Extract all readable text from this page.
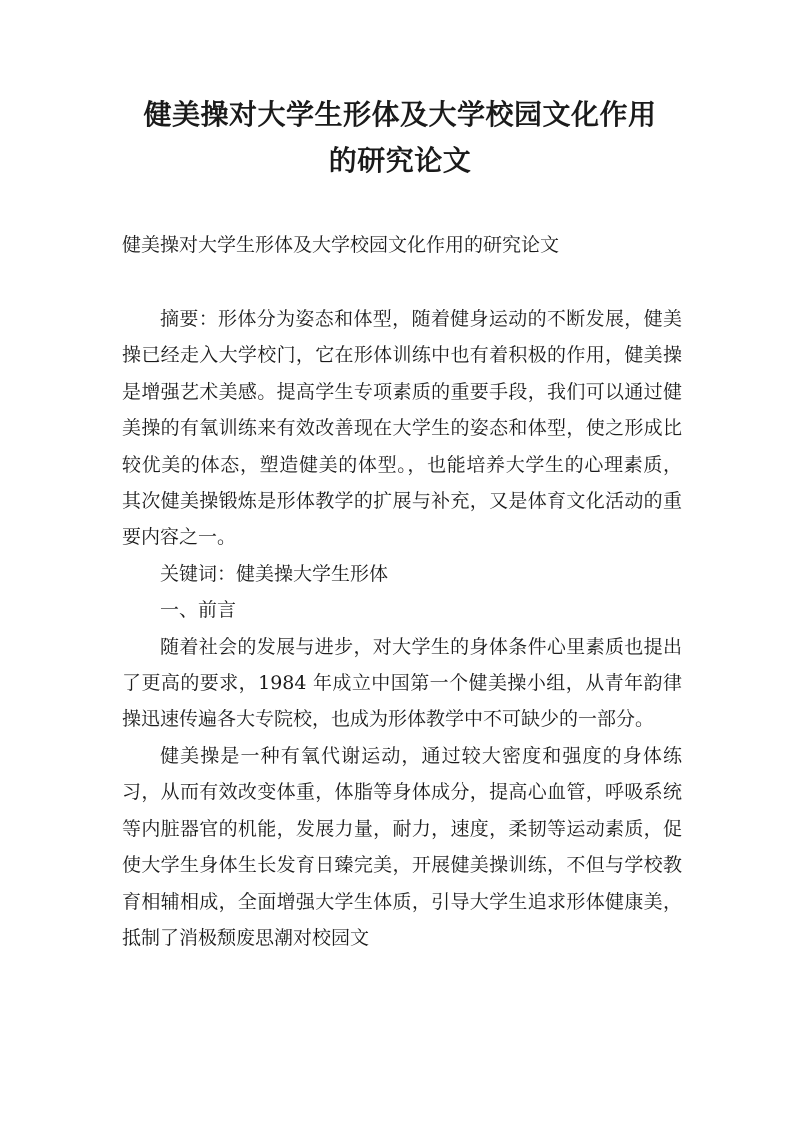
健美操对大学生形体及大学校园文化作用
的研究论文
健美操对大学生形体及大学校园文化作用的研究论文

摘要：形体分为姿态和体型，随着健身运动的不断发展，健美操已经走入大学校门，它在形体训练中也有着积极的作用，健美操是增强艺术美感。提高学生专项素质的重要手段，我们可以通过健美操的有氧训练来有效改善现在大学生的姿态和体型，使之形成比较优美的体态，塑造健美的体型。，也能培养大学生的心理素质，其次健美操锻炼是形体教学的扩展与补充，又是体育文化活动的重要内容之一。

关键词：健美操大学生形体

一、前言

随着社会的发展与进步，对大学生的身体条件心里素质也提出了更高的要求，1984 年成立中国第一个健美操小组，从青年韵律操迅速传遍各大专院校，也成为形体教学中不可缺少的一部分。

健美操是一种有氧代谢运动，通过较大密度和强度的身体练习，从而有效改变体重，体脂等身体成分，提高心血管，呼吸系统等内脏器官的机能，发展力量，耐力，速度，柔韧等运动素质，促使大学生身体生长发育日臻完美，开展健美操训练，不但与学校教育相辅相成，全面增强大学生体质，引导大学生追求形体健康美，抵制了消极颓废思潮对校园文
